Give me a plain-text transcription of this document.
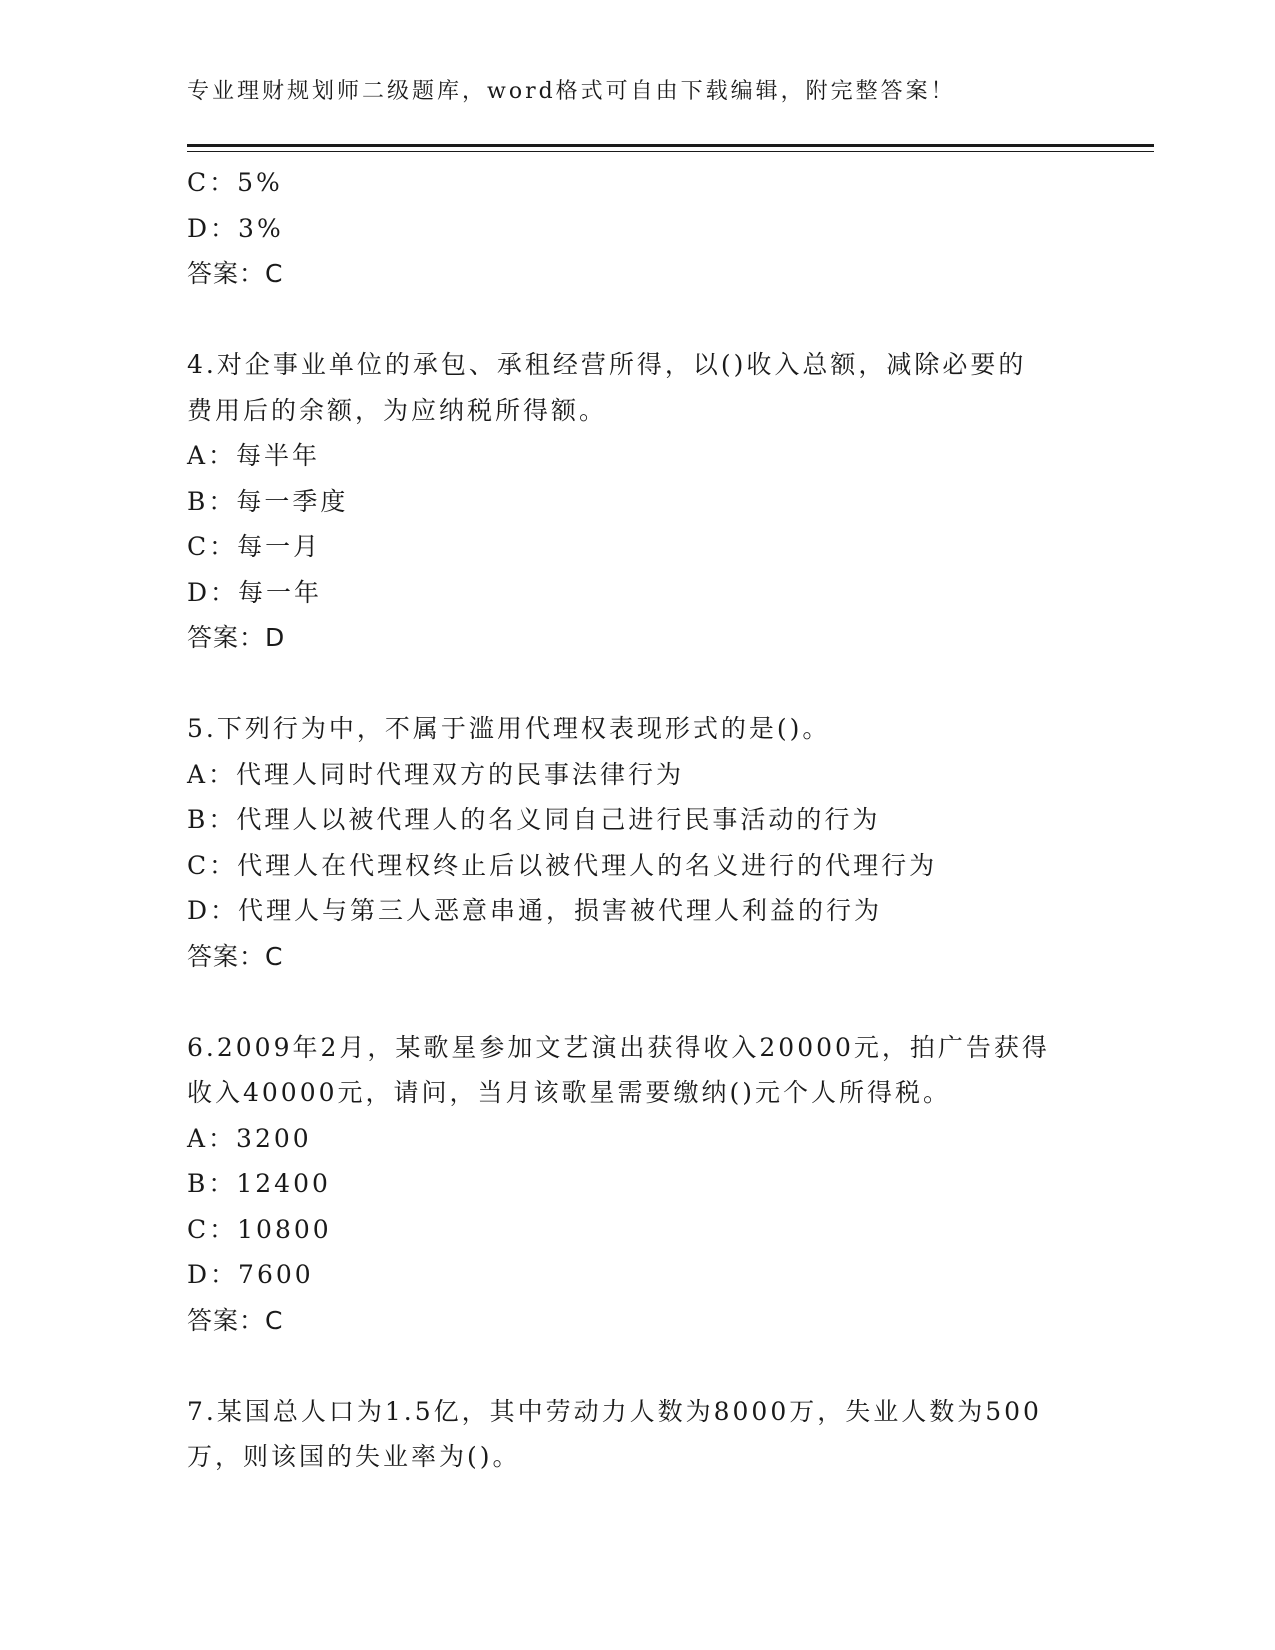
专业理财规划师二级题库，word格式可自由下载编辑，附完整答案！
C：5%
D：3%
答案：C
4.对企事业单位的承包、承租经营所得，以()收入总额，减除必要的
费用后的余额，为应纳税所得额。
A：每半年
B：每一季度
C：每一月
D：每一年
答案：D
5.下列行为中，不属于滥用代理权表现形式的是()。
A：代理人同时代理双方的民事法律行为
B：代理人以被代理人的名义同自己进行民事活动的行为
C：代理人在代理权终止后以被代理人的名义进行的代理行为
D：代理人与第三人恶意串通，损害被代理人利益的行为
答案：C
6.2009年2月，某歌星参加文艺演出获得收入20000元，拍广告获得
收入40000元，请问，当月该歌星需要缴纳()元个人所得税。
A：3200
B：12400
C：10800
D：7600
答案：C
7.某国总人口为1.5亿，其中劳动力人数为8000万，失业人数为500
万，则该国的失业率为()。
